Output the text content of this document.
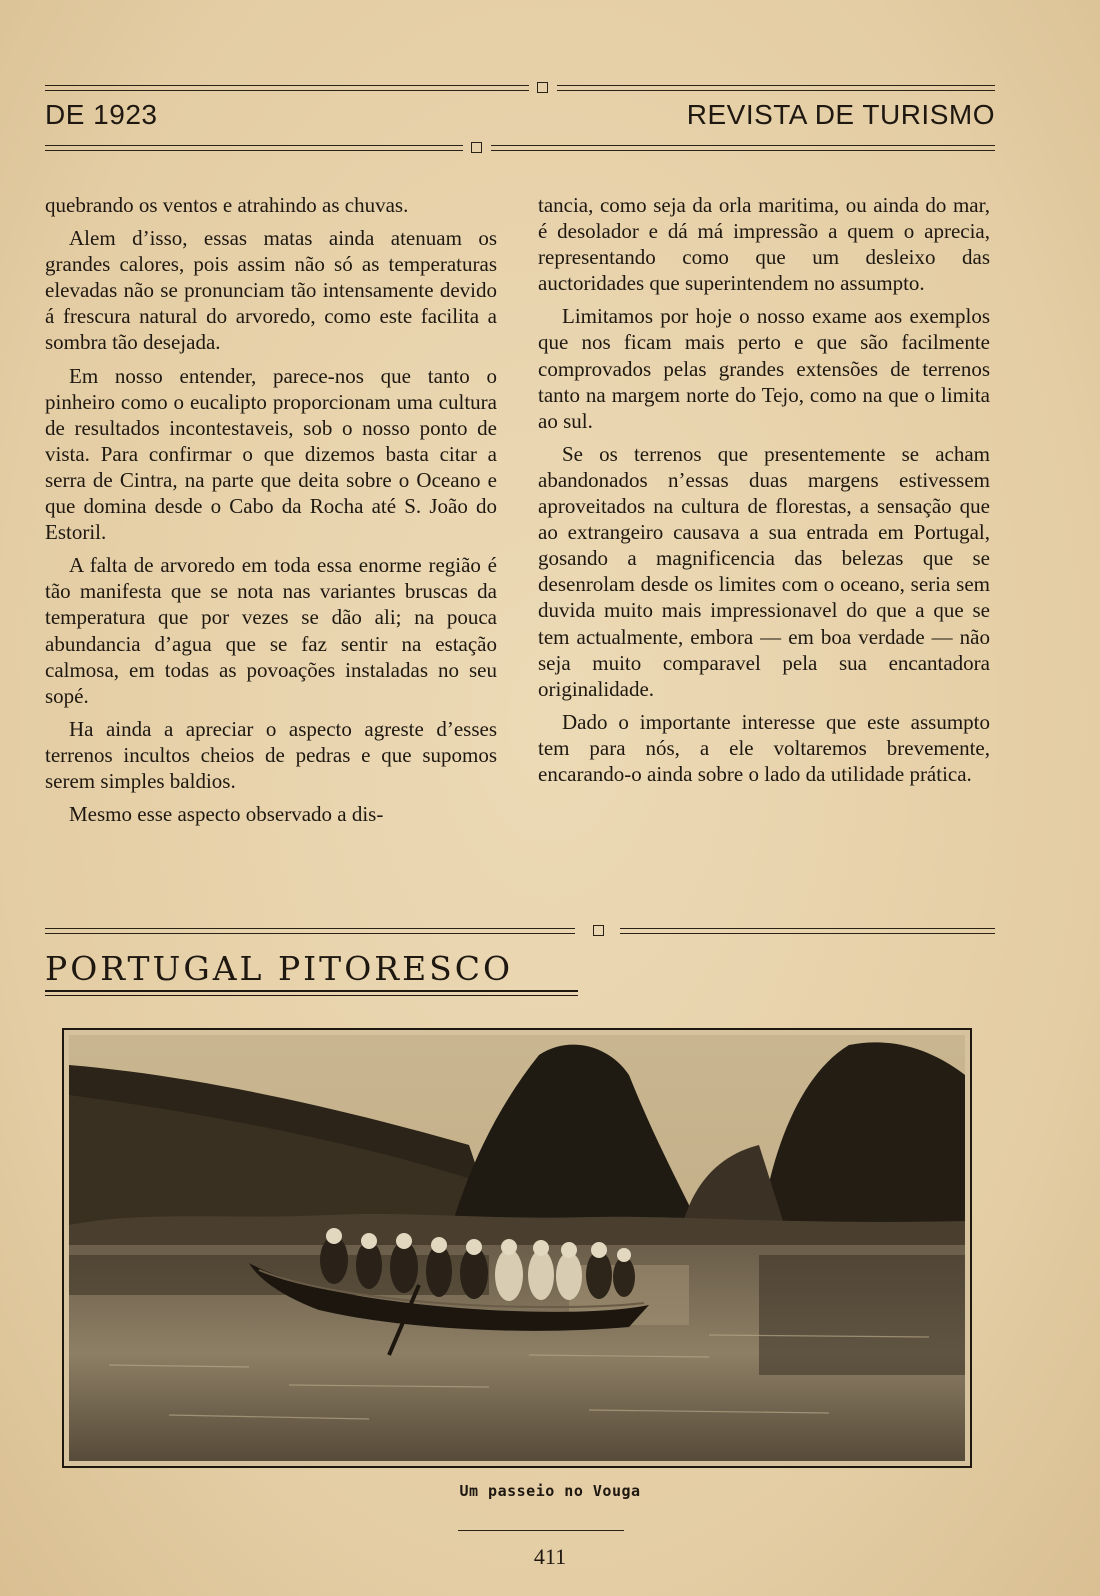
DE 1923	REVISTA DE TURISMO

quebrando os ventos e atrahindo as chuvas.

Alem d’isso, essas matas ainda atenuam os grandes calores, pois assim não só as temperaturas elevadas não se pronunciam tão intensamente devido á frescura natural do arvoredo, como este facilita a sombra tão desejada.

Em nosso entender, parece-nos que tanto o pinheiro como o eucalipto proporcionam uma cultura de resultados incontestaveis, sob o nosso ponto de vista. Para confirmar o que dizemos basta citar a serra de Cintra, na parte que deita sobre o Oceano e que domina desde o Cabo da Rocha até S. João do Estoril.

A falta de arvoredo em toda essa enorme região é tão manifesta que se nota nas variantes bruscas da temperatura que por vezes se dão ali; na pouca abundancia d’agua que se faz sentir na estação calmosa, em todas as povoações instaladas no seu sopé.

Ha ainda a apreciar o aspecto agreste d’esses terrenos incultos cheios de pedras e que supomos serem simples baldios.

Mesmo esse aspecto observado a dis-

tancia, como seja da orla maritima, ou ainda do mar, é desolador e dá má impressão a quem o aprecia, representando como que um desleixo das auctoridades que superintendem no assumpto.

Limitamos por hoje o nosso exame aos exemplos que nos ficam mais perto e que são facilmente comprovados pelas grandes extensões de terrenos tanto na margem norte do Tejo, como na que o limita ao sul.

Se os terrenos que presentemente se acham abandonados n’essas duas margens estivessem aproveitados na cultura de florestas, a sensação que ao extrangeiro causava a sua entrada em Portugal, gosando a magnificencia das belezas que se desenrolam desde os limites com o oceano, seria sem duvida muito mais impressionavel do que a que se tem actualmente, embora — em boa verdade — não seja muito comparavel pela sua encantadora originalidade.

Dado o importante interesse que este assumpto tem para nós, a ele voltaremos brevemente, encarando-o ainda sobre o lado da utilidade prática.

PORTUGAL PITORESCO
Um passeio no Vouga
411
